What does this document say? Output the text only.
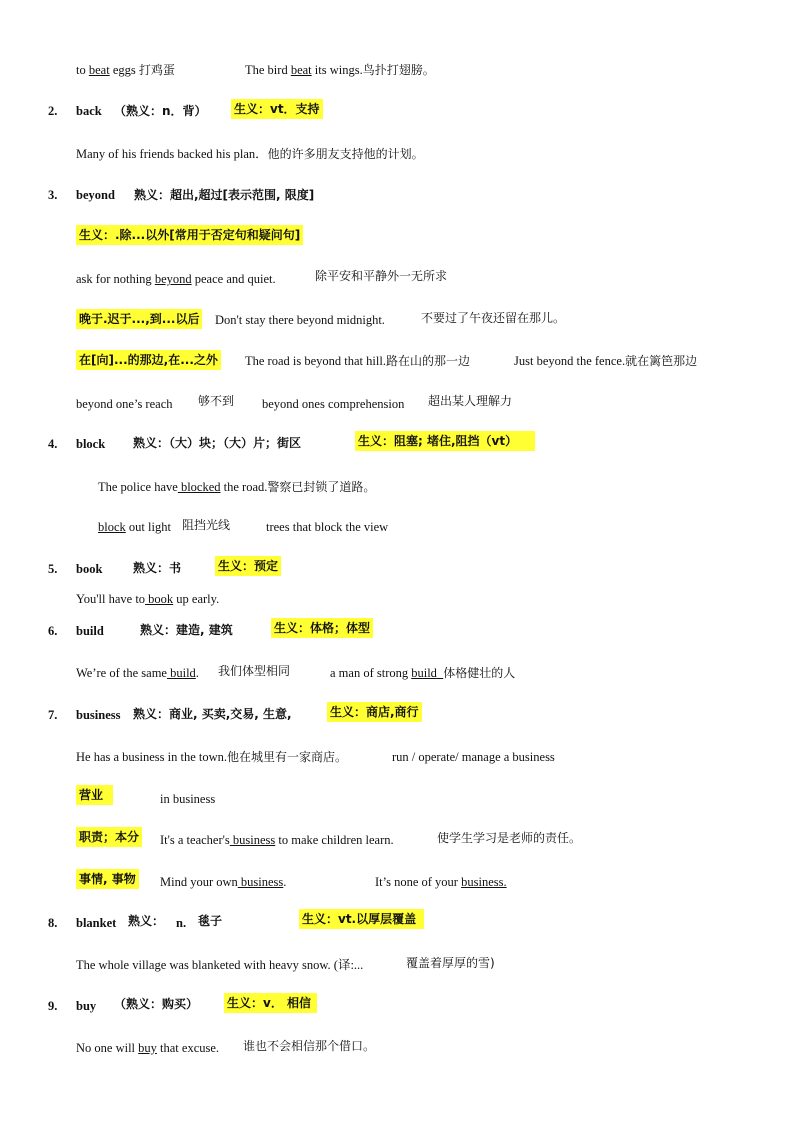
to beat eggs 打鸡蛋	The bird beat its wings.鸟扑打翅膀。
2. back （熟义：n．背） 生义：vt．支持
Many of his friends backed his plan．他的许多朋友支持他的计划。
3. beyond 熟义：超出,超过[表示范围, 限度]
生义：.除...以外[常用于否定句和疑问句]
ask for nothing beyond peace and quiet.	除平安和平静外一无所求
晚于.迟于...,到...以后 Don't stay there beyond midnight.	不要过了午夜还留在那儿。
在[向]...的那边,在...之外 The road is beyond that hill.路在山的那一边	Just beyond the fence.就在篱笆那边
beyond one’s reach 够不到 beyond ones comprehension 超出某人理解力
4. block 熟义：（大）块；（大）片；街区	生义：阻塞; 堵住,阻挡（vt）
The police have blocked the road.警察已封锁了道路。
block out light 阻挡光线	trees that block the view
5. book	熟义：书	生义：预定
You'll have to book up early.
6. build	熟义：建造, 建筑	生义：体格；体型
We’re of the same build. 我们体型相同	a man of strong build 体格健壮的人
7. business 熟义：商业, 买卖,交易, 生意,	生义：商店,商行
He has a business in the town.他在城里有一家商店。	run / operate/ manage a business
营业	in business
职责；本分 It's a teacher's business to make children learn.	使学生学习是老师的责任。
事情, 事物 Mind your own business.	It’s none of your business.
8. blanket 熟义： n. 毯子	生义：vt.以厚层覆盖
The whole village was blanketed with heavy snow. (译:...	覆盖着厚厚的雪)
9. buy （熟义：购买） 生义：v． 相信
No one will buy that excuse. 谁也不会相信那个借口。
